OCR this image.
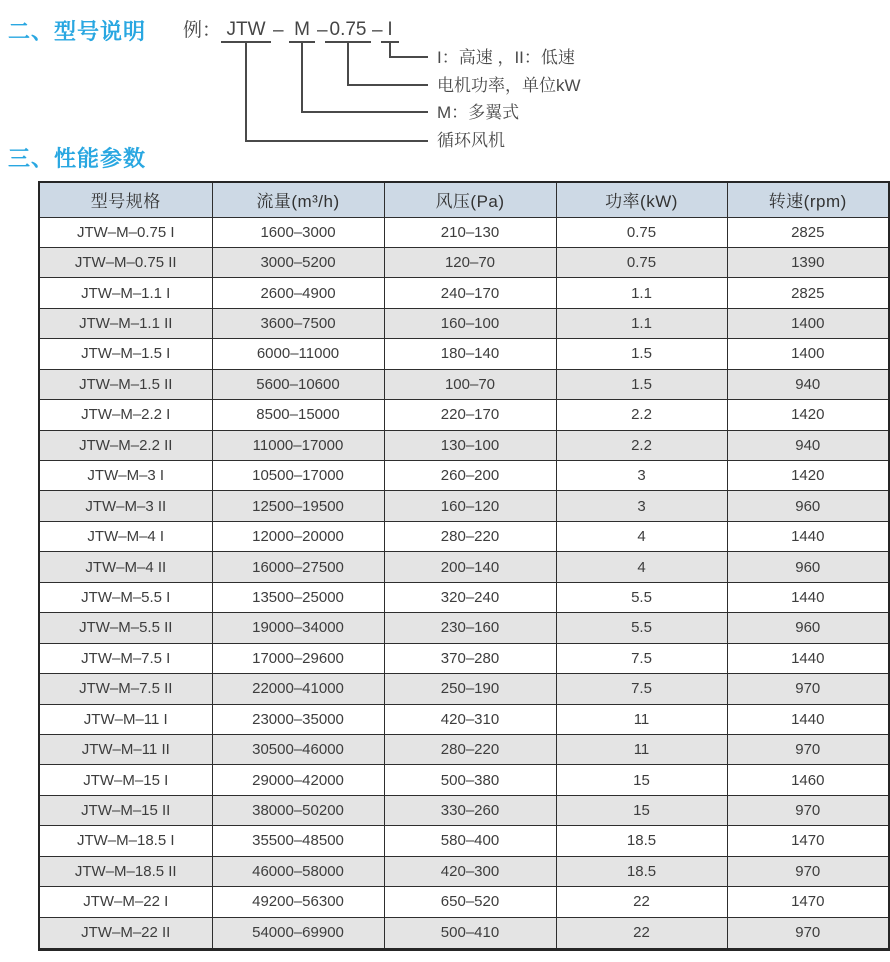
二、型号说明 例： JTW – M – 0.75 – I
I：高速 ，II：低速
电机功率，单位kW
M：多翼式
循环风机
三、性能参数
型号规格	流量(m³/h)	风压(Pa)	功率(kW)	转速(rpm)
JTW–M–0.75 I	1600–3000	210–130	0.75	2825
JTW–M–0.75 II	3000–5200	120–70	0.75	1390
JTW–M–1.1 I	2600–4900	240–170	1.1	2825
JTW–M–1.1 II	3600–7500	160–100	1.1	1400
JTW–M–1.5 I	6000–11000	180–140	1.5	1400
JTW–M–1.5 II	5600–10600	100–70	1.5	940
JTW–M–2.2 I	8500–15000	220–170	2.2	1420
JTW–M–2.2 II	11000–17000	130–100	2.2	940
JTW–M–3 I	10500–17000	260–200	3	1420
JTW–M–3 II	12500–19500	160–120	3	960
JTW–M–4 I	12000–20000	280–220	4	1440
JTW–M–4 II	16000–27500	200–140	4	960
JTW–M–5.5 I	13500–25000	320–240	5.5	1440
JTW–M–5.5 II	19000–34000	230–160	5.5	960
JTW–M–7.5 I	17000–29600	370–280	7.5	1440
JTW–M–7.5 II	22000–41000	250–190	7.5	970
JTW–M–11 I	23000–35000	420–310	11	1440
JTW–M–11 II	30500–46000	280–220	11	970
JTW–M–15 I	29000–42000	500–380	15	1460
JTW–M–15 II	38000–50200	330–260	15	970
JTW–M–18.5 I	35500–48500	580–400	18.5	1470
JTW–M–18.5 II	46000–58000	420–300	18.5	970
JTW–M–22 I	49200–56300	650–520	22	1470
JTW–M–22 II	54000–69900	500–410	22	970
